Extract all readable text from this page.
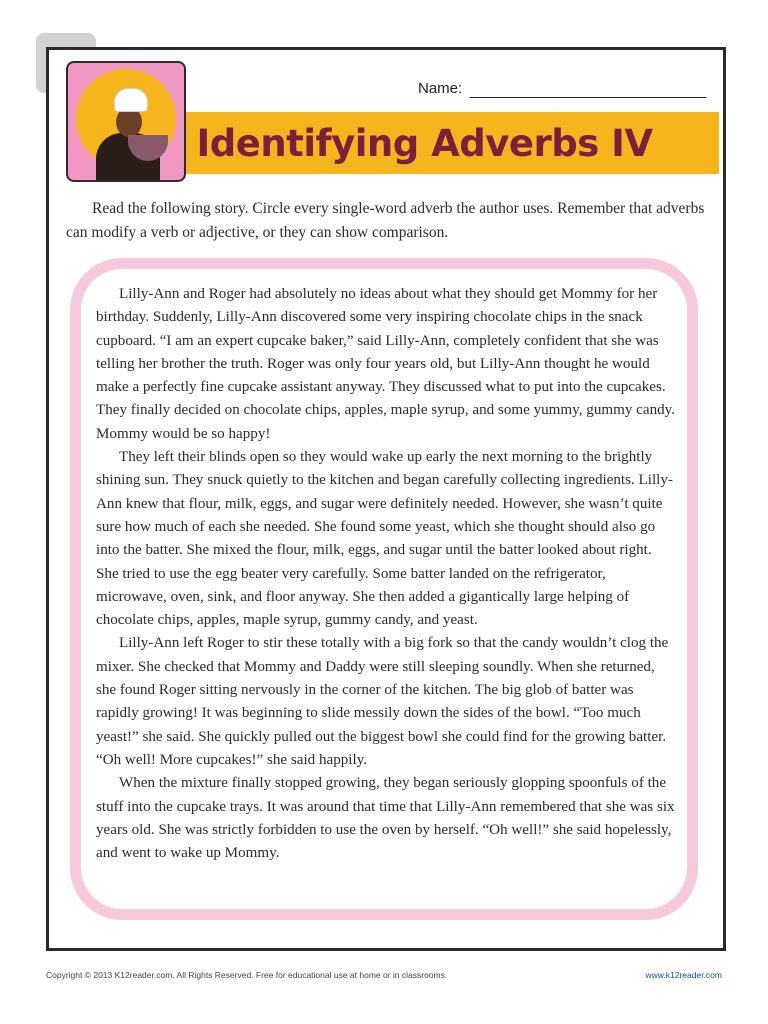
Name:
Identifying Adverbs IV

Read the following story. Circle every single-word adverb the author uses. Remember that adverbs can modify a verb or adjective, or they can show comparison.

Lilly-Ann and Roger had absolutely no ideas about what they should get Mommy for her birthday. Suddenly, Lilly-Ann discovered some very inspiring chocolate chips in the snack cupboard. “I am an expert cupcake baker,” said Lilly-Ann, completely confident that she was telling her brother the truth. Roger was only four years old, but Lilly-Ann thought he would make a perfectly fine cupcake assistant anyway. They discussed what to put into the cupcakes. They finally decided on chocolate chips, apples, maple syrup, and some yummy, gummy candy. Mommy would be so happy!

They left their blinds open so they would wake up early the next morning to the brightly shining sun. They snuck quietly to the kitchen and began carefully collecting ingredients. Lilly-Ann knew that flour, milk, eggs, and sugar were definitely needed. However, she wasn’t quite sure how much of each she needed. She found some yeast, which she thought should also go into the batter. She mixed the flour, milk, eggs, and sugar until the batter looked about right. She tried to use the egg beater very carefully. Some batter landed on the refrigerator, microwave, oven, sink, and floor anyway. She then added a gigantically large helping of chocolate chips, apples, maple syrup, gummy candy, and yeast.

Lilly-Ann left Roger to stir these totally with a big fork so that the candy wouldn’t clog the mixer. She checked that Mommy and Daddy were still sleeping soundly. When she returned, she found Roger sitting nervously in the corner of the kitchen. The big glob of batter was rapidly growing! It was beginning to slide messily down the sides of the bowl. “Too much yeast!” she said. She quickly pulled out the biggest bowl she could find for the growing batter. “Oh well! More cupcakes!” she said happily.

When the mixture finally stopped growing, they began seriously glopping spoonfuls of the stuff into the cupcake trays. It was around that time that Lilly-Ann remembered that she was six years old. She was strictly forbidden to use the oven by herself. “Oh well!” she said hopelessly, and went to wake up Mommy.

Copyright © 2013 K12reader.com. All Rights Reserved. Free for educational use at home or in classrooms.	www.k12reader.com
